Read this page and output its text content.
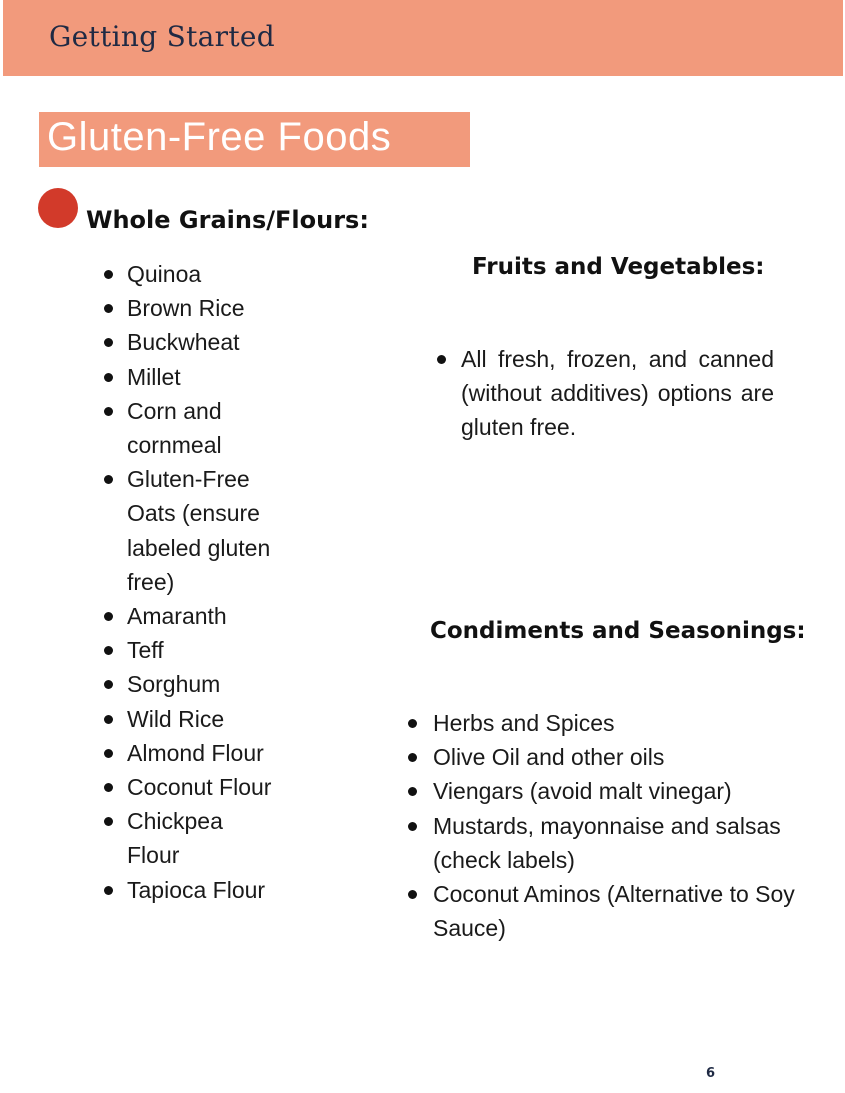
Getting Started
Gluten-Free Foods
Whole Grains/Flours:
Quinoa
Brown Rice
Buckwheat
Millet
Corn and cornmeal
Gluten-Free Oats (ensure labeled gluten free)
Amaranth
Teff
Sorghum
Wild Rice
Almond Flour
Coconut Flour
Chickpea Flour
Tapioca Flour
Fruits and Vegetables:
All fresh, frozen, and canned (without additives) options are gluten free.
Condiments and Seasonings:
Herbs and Spices
Olive Oil and other oils
Viengars (avoid malt vinegar)
Mustards, mayonnaise and salsas (check labels)
Coconut Aminos (Alternative to Soy Sauce)
6
